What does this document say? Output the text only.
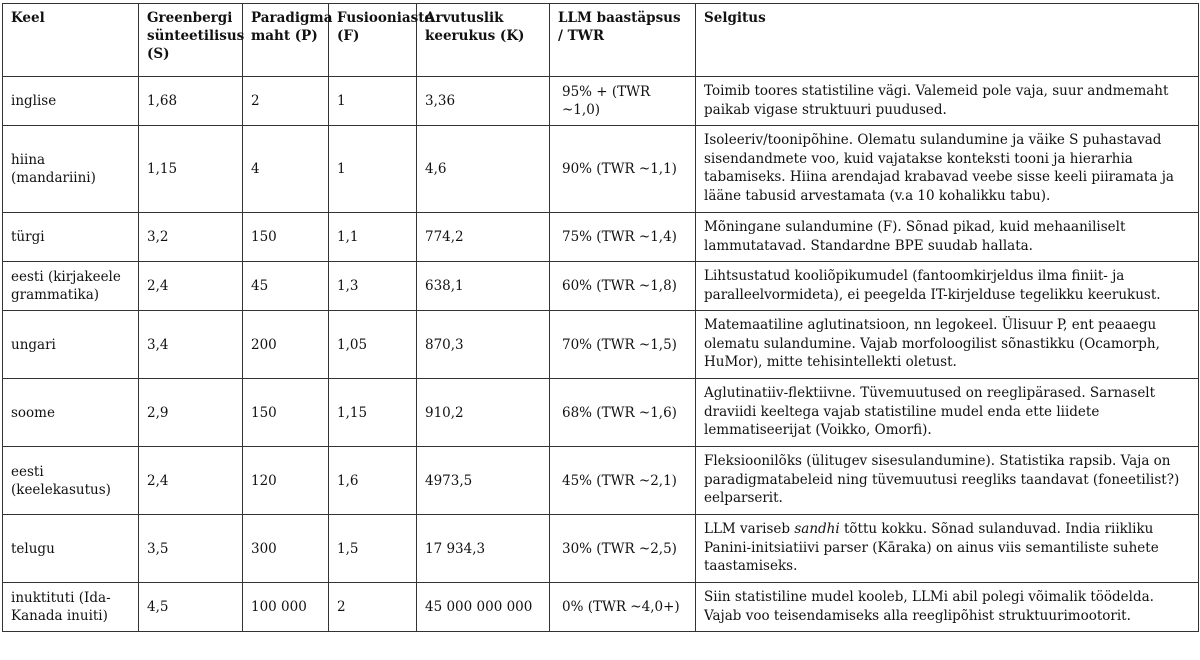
Keel	Greenbergi sünteetilisus (S)	Paradigma maht (P)	Fusiooniaste (F)	Arvutuslik keerukus (K)	LLM baastäpsus / TWR	Selgitus
inglise	1,68	2	1	3,36	95% + (TWR ~1,0)	Toimib toores statistiline vägi. Valemeid pole vaja, suur andmemaht paikab vigase struktuuri puudused.
hiina (mandariini)	1,15	4	1	4,6	90% (TWR ~1,1)	Isoleeriv/toonipõhine. Olematu sulandumine ja väike S puhastavad sisendandmete voo, kuid vajatakse konteksti tooni ja hierarhia tabamiseks. Hiina arendajad krabavad veebe sisse keeli piiramata ja lääne tabusid arvestamata (v.a 10 kohalikku tabu).
türgi	3,2	150	1,1	774,2	75% (TWR ~1,4)	Mõningane sulandumine (F). Sõnad pikad, kuid mehaaniliselt lammutatavad. Standardne BPE suudab hallata.
eesti (kirjakeele grammatika)	2,4	45	1,3	638,1	60% (TWR ~1,8)	Lihtsustatud kooliõpikumudel (fantoomkirjeldus ilma finiit- ja paralleelvormideta), ei peegelda IT-kirjelduse tegelikku keerukust.
ungari	3,4	200	1,05	870,3	70% (TWR ~1,5)	Matemaatiline aglutinatsioon, nn legokeel. Ülisuur P, ent peaaegu olematu sulandumine. Vajab morfoloogilist sõnastikku (Ocamorph, HuMor), mitte tehisintellekti oletust.
soome	2,9	150	1,15	910,2	68% (TWR ~1,6)	Aglutinatiiv-flektiivne. Tüvemuutused on reeglipärased. Sarnaselt draviidi keeltega vajab statistiline mudel enda ette liidete lemmatiseerijat (Voikko, Omorfi).
eesti (keelekasutus)	2,4	120	1,6	4973,5	45% (TWR ~2,1)	Fleksioonilõks (ülitugev sisesulandumine). Statistika rapsib. Vaja on paradigmatabeleid ning tüvemuutusi reegliks taandavat (foneetilist?) eelparserit.
telugu	3,5	300	1,5	17 934,3	30% (TWR ~2,5)	LLM variseb sandhi tõttu kokku. Sõnad sulanduvad. India riikliku Panini-initsiatiivi parser (Kāraka) on ainus viis semantiliste suhete taastamiseks.
inuktituti (Ida-Kanada inuiti)	4,5	100 000	2	45 000 000 000	0% (TWR ~4,0+)	Siin statistiline mudel kooleb, LLMi abil polegi võimalik töödelda. Vajab voo teisendamiseks alla reeglipõhist struktuurimootorit.
